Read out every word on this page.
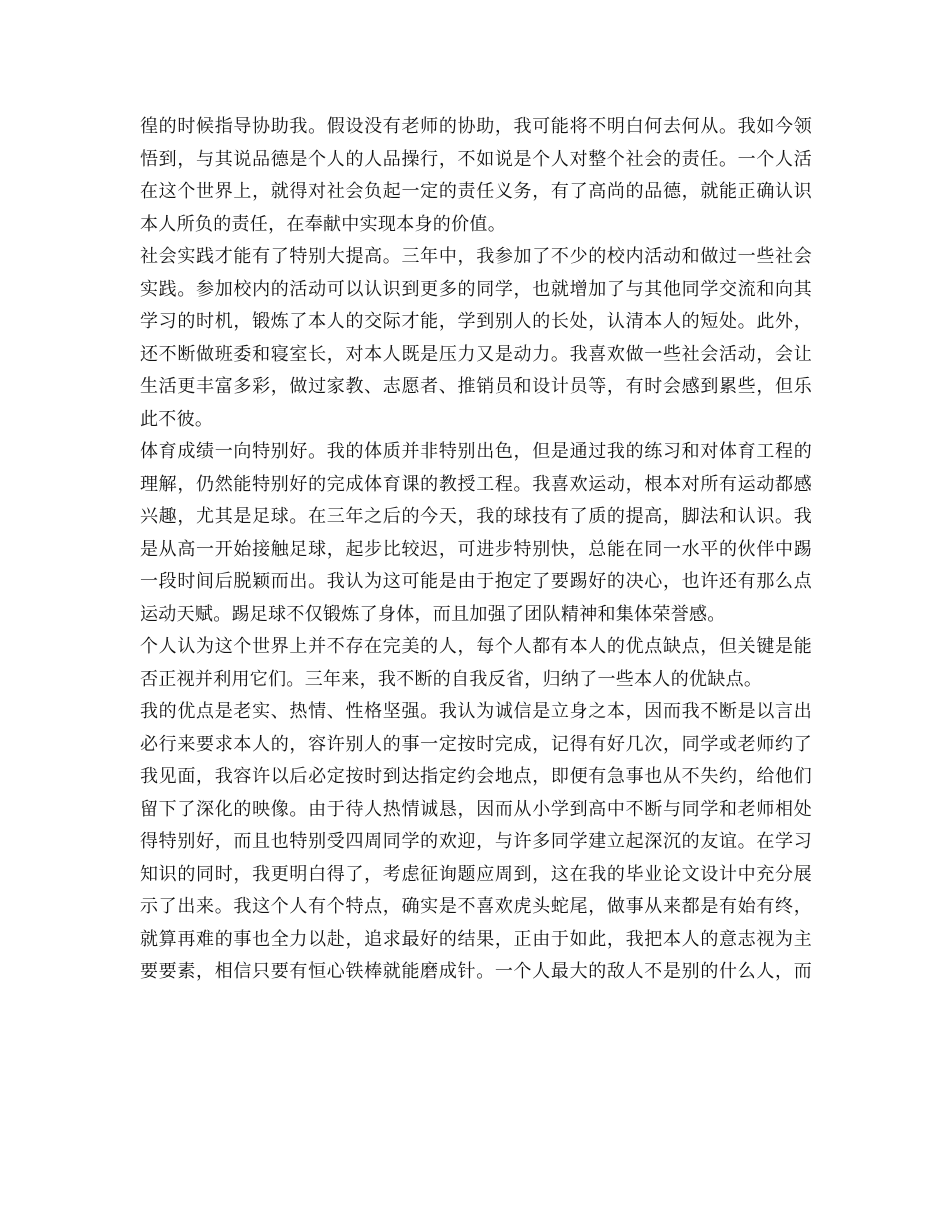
徨的时候指导协助我。假设没有老师的协助，我可能将不明白何去何从。我如今领
悟到，与其说品德是个人的人品操行，不如说是个人对整个社会的责任。一个人活
在这个世界上，就得对社会负起一定的责任义务，有了高尚的品德，就能正确认识
本人所负的责任，在奉献中实现本身的价值。
社会实践才能有了特别大提高。三年中，我参加了不少的校内活动和做过一些社会
实践。参加校内的活动可以认识到更多的同学，也就增加了与其他同学交流和向其
学习的时机，锻炼了本人的交际才能，学到别人的长处，认清本人的短处。此外，
还不断做班委和寝室长，对本人既是压力又是动力。我喜欢做一些社会活动，会让
生活更丰富多彩，做过家教、志愿者、推销员和设计员等，有时会感到累些，但乐
此不彼。
体育成绩一向特别好。我的体质并非特别出色，但是通过我的练习和对体育工程的
理解，仍然能特别好的完成体育课的教授工程。我喜欢运动，根本对所有运动都感
兴趣，尤其是足球。在三年之后的今天，我的球技有了质的提高，脚法和认识。我
是从高一开始接触足球，起步比较迟，可进步特别快，总能在同一水平的伙伴中踢
一段时间后脱颖而出。我认为这可能是由于抱定了要踢好的决心，也许还有那么点
运动天赋。踢足球不仅锻炼了身体，而且加强了团队精神和集体荣誉感。
个人认为这个世界上并不存在完美的人，每个人都有本人的优点缺点，但关键是能
否正视并利用它们。三年来，我不断的自我反省，归纳了一些本人的优缺点。
我的优点是老实、热情、性格坚强。我认为诚信是立身之本，因而我不断是以言出
必行来要求本人的，容许别人的事一定按时完成，记得有好几次，同学或老师约了
我见面，我容许以后必定按时到达指定约会地点，即便有急事也从不失约，给他们
留下了深化的映像。由于待人热情诚恳，因而从小学到高中不断与同学和老师相处
得特别好，而且也特别受四周同学的欢迎，与许多同学建立起深沉的友谊。在学习
知识的同时，我更明白得了，考虑征询题应周到，这在我的毕业论文设计中充分展
示了出来。我这个人有个特点，确实是不喜欢虎头蛇尾，做事从来都是有始有终，
就算再难的事也全力以赴，追求最好的结果，正由于如此，我把本人的意志视为主
要要素，相信只要有恒心铁棒就能磨成针。一个人最大的敌人不是别的什么人，而
